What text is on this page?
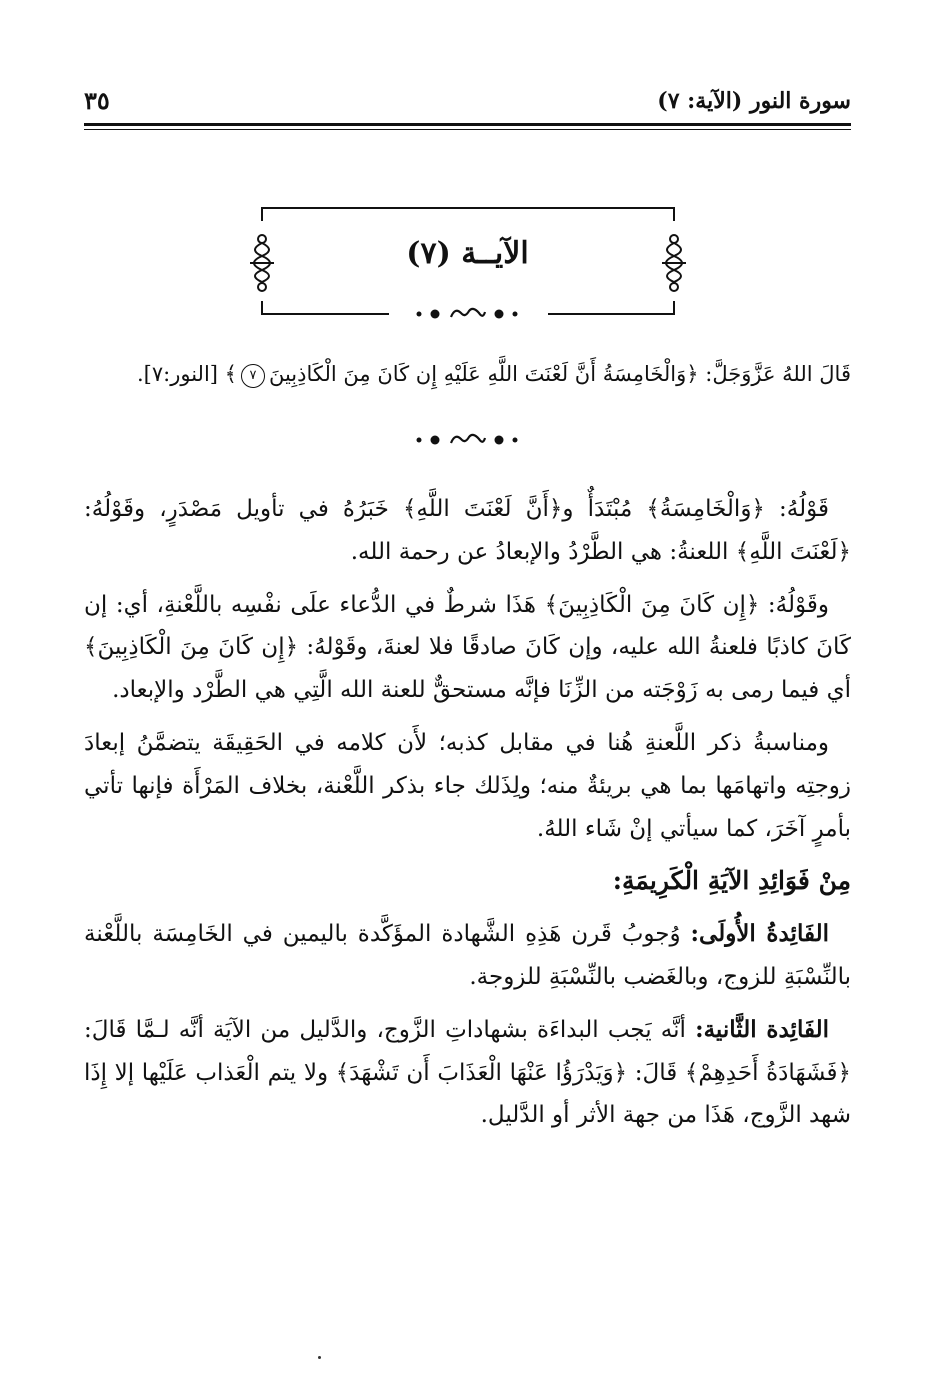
سورة النور (الآية: ٧)
٣٥
الآيــة (٧)
قَالَ اللهُ عَزَّوَجَلَّ: ﴿وَالْخَامِسَةُ أَنَّ لَعْنَتَ اللَّهِ عَلَيْهِ إِن كَانَ مِنَ الْكَاذِبِينَ٧﴾ [النور:٧].

قَوْلُهُ: ﴿وَالْخَامِسَةُ﴾ مُبْتَدَأٌ و﴿أَنَّ لَعْنَتَ اللَّهِ﴾ خَبَرُهُ في تأويل مَصْدَرٍ، وقَوْلُهُ: ﴿لَعْنَتَ اللَّهِ﴾ اللعنةُ: هي الطَّرْدُ والإبعادُ عن رحمة الله.

وقَوْلُهُ: ﴿إِن كَانَ مِنَ الْكَاذِبِينَ﴾ هَذَا شرطٌ في الدُّعاء علَى نفْسِه باللَّعْنةِ، أي: إن كَانَ كاذبًا فلعنةُ الله عليه، وإن كَانَ صادقًا فلا لعنةَ، وقَوْلهُ: ﴿إِن كَانَ مِنَ الْكَاذِبِينَ﴾ أي فيما رمى به زَوْجَته من الزِّنَا فإنَّه مستحقٌّ للعنة الله الَّتِي هي الطَّرْد والإبعاد.

ومناسبةُ ذكر اللَّعنةِ هُنا في مقابل كذبه؛ لأَن كلامه في الحَقِيقَة يتضمَّنُ إبعادَ زوجتِه واتهامَها بما هي بريئةٌ منه؛ ولِذَلك جاء بذكر اللَّعْنة، بخلاف المَرْأَة فإنها تأتي بأمرٍ آخَرَ، كما سيأتي إنْ شَاء اللهُ.

مِنْ فَوَائِدِ الآيَةِ الْكَرِيمَةِ:

الفَائِدةُ الأُولَى: وُجوبُ قَرن هَذِهِ الشَّهادة المؤَكَّدة باليمين في الخَامِسَة باللَّعْنة بالنِّسْبَةِ للزوج، وبالغَضب بالنِّسْبَةِ للزوجة.

الفَائِدة الثَّانية: أنَّه يَجب البداءَة بشهاداتِ الزَّوج، والدَّليل من الآيَة أنَّه لـمَّا قَالَ: ﴿فَشَهَادَةُ أَحَدِهِمْ﴾ قَالَ: ﴿وَيَدْرَؤُا عَنْهَا الْعَذَابَ أَن تَشْهَدَ﴾ ولا يتم الْعَذاب عَلَيْها إلا إِذَا شهد الزَّوج، هَذَا من جهة الأثر أو الدَّليل.
